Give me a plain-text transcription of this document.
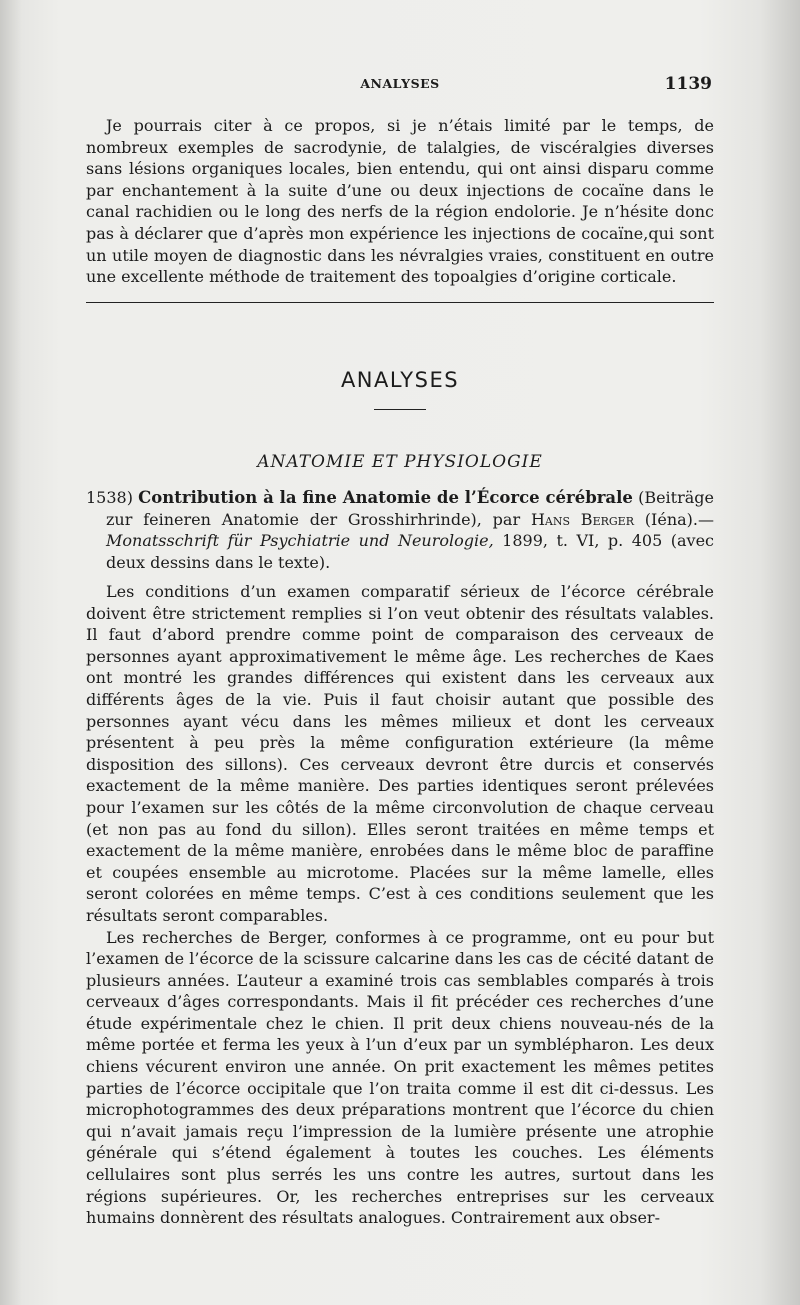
ANALYSES	1139

Je pourrais citer à ce propos, si je n’étais limité par le temps, de nombreux exemples de sacrodynie, de talalgies, de viscéralgies diverses sans lésions organiques locales, bien entendu, qui ont ainsi disparu comme par enchantement à la suite d’une ou deux injections de cocaïne dans le canal rachidien ou le long des nerfs de la région endolorie. Je n’hésite donc pas à déclarer que d’après mon expérience les injections de cocaïne,qui sont un utile moyen de diagnostic dans les névralgies vraies, constituent en outre une excellente méthode de traitement des topoalgies d’origine corticale.

ANALYSES
ANATOMIE ET PHYSIOLOGIE
1538) Contribution à la fine Anatomie de l’Écorce cérébrale (Beiträge zur feineren Anatomie der Grosshirhrinde), par Hans Berger (Iéna).— Monatsschrift für Psychiatrie und Neurologie, 1899, t. VI, p. 405 (avec deux dessins dans le texte).

Les conditions d’un examen comparatif sérieux de l’écorce cérébrale doivent être strictement remplies si l’on veut obtenir des résultats valables. Il faut d’abord prendre comme point de comparaison des cerveaux de personnes ayant approximativement le même âge. Les recherches de Kaes ont montré les grandes différences qui existent dans les cerveaux aux différents âges de la vie. Puis il faut choisir autant que possible des personnes ayant vécu dans les mêmes milieux et dont les cerveaux présentent à peu près la même configuration extérieure (la même disposition des sillons). Ces cerveaux devront être durcis et conservés exactement de la même manière. Des parties identiques seront prélevées pour l’examen sur les côtés de la même circonvolution de chaque cerveau (et non pas au fond du sillon). Elles seront traitées en même temps et exactement de la même manière, enrobées dans le même bloc de paraffine et coupées ensemble au microtome. Placées sur la même lamelle, elles seront colorées en même temps. C’est à ces conditions seulement que les résultats seront comparables.

Les recherches de Berger, conformes à ce programme, ont eu pour but l’examen de l’écorce de la scissure calcarine dans les cas de cécité datant de plusieurs années. L’auteur a examiné trois cas semblables comparés à trois cerveaux d’âges correspondants. Mais il fit précéder ces recherches d’une étude expérimentale chez le chien. Il prit deux chiens nouveau-nés de la même portée et ferma les yeux à l’un d’eux par un symblépharon. Les deux chiens vécurent environ une année. On prit exactement les mêmes petites parties de l’écorce occipitale que l’on traita comme il est dit ci-dessus. Les microphotogrammes des deux préparations montrent que l’écorce du chien qui n’avait jamais reçu l’impression de la lumière présente une atrophie générale qui s’étend également à toutes les couches. Les éléments cellulaires sont plus serrés les uns contre les autres, surtout dans les régions supérieures. Or, les recherches entreprises sur les cerveaux humains donnèrent des résultats analogues. Contrairement aux obser-
